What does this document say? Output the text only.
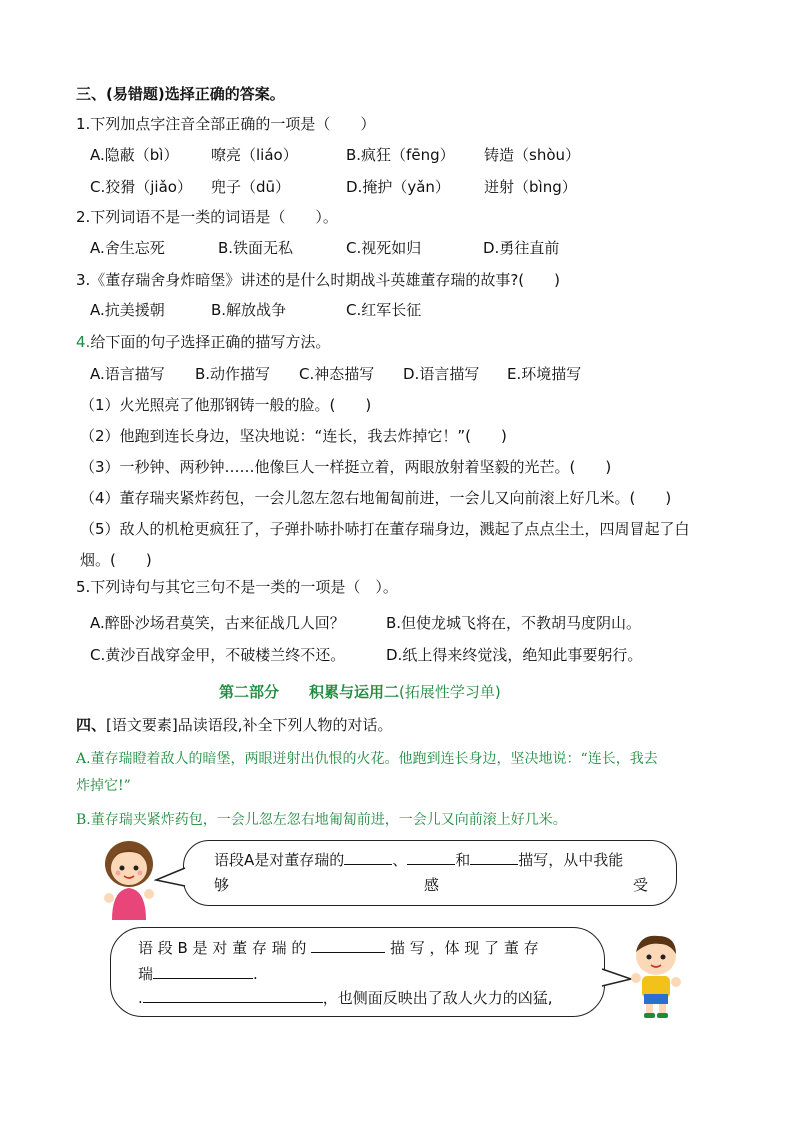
三、(易错题)选择正确的答案。
1.下列加点字注音全部正确的一项是（　　）
A.隐蔽（bì） 嘹亮（liáo）	B.疯狂（fēng） 铸造（shòu）
C.狡猾（jiǎo） 兜子（dū）	D.掩护（yǎn） 迸射（bìng）
2.下列词语不是一类的词语是（　　）。
A.舍生忘死	B.铁面无私	C.视死如归	D.勇往直前
3.《董存瑞舍身炸暗堡》讲述的是什么时期战斗英雄董存瑞的故事?(　　)
A.抗美援朝	B.解放战争	C.红军长征
4.给下面的句子选择正确的描写方法。
A.语言描写 B.动作描写 C.神态描写 D.语言描写 E.环境描写
（1）火光照亮了他那钢铸一般的脸。(　　)
（2）他跑到连长身边，坚决地说：“连长，我去炸掉它！”(　　)
（3）一秒钟、两秒钟……他像巨人一样挺立着，两眼放射着坚毅的光芒。(　　)
（4）董存瑞夹紧炸药包，一会儿忽左忽右地匍匐前进，一会儿又向前滚上好几米。(　　)
（5）敌人的机枪更疯狂了，子弹扑哧扑哧打在董存瑞身边，溅起了点点尘土，四周冒起了白
烟。(　　)
5.下列诗句与其它三句不是一类的一项是（　）。
A.醉卧沙场君莫笑，古来征战几人回？	B.但使龙城飞将在，不教胡马度阴山。
C.黄沙百战穿金甲，不破楼兰终不还。	D.纸上得来终觉浅，绝知此事要躬行。
第二部分　　积累与运用二(拓展性学习单)
四、[语文要素]品读语段,补全下列人物的对话。
A.董存瑞瞪着敌人的暗堡，两眼迸射出仇恨的火花。他跑到连长身边，坚决地说：“连长，我去
炸掉它!”
B.董存瑞夹紧炸药包，一会儿忽左忽右地匍匐前进，一会儿又向前滚上好几米。
语段A是对董存瑞的	、	和	描写，从中我能
够	感	受
语 段 B 是 对 董 存 瑞 的	描 写 ，体 现 了 董 存
瑞	.
.	，也侧面反映出了敌人火力的凶猛,
